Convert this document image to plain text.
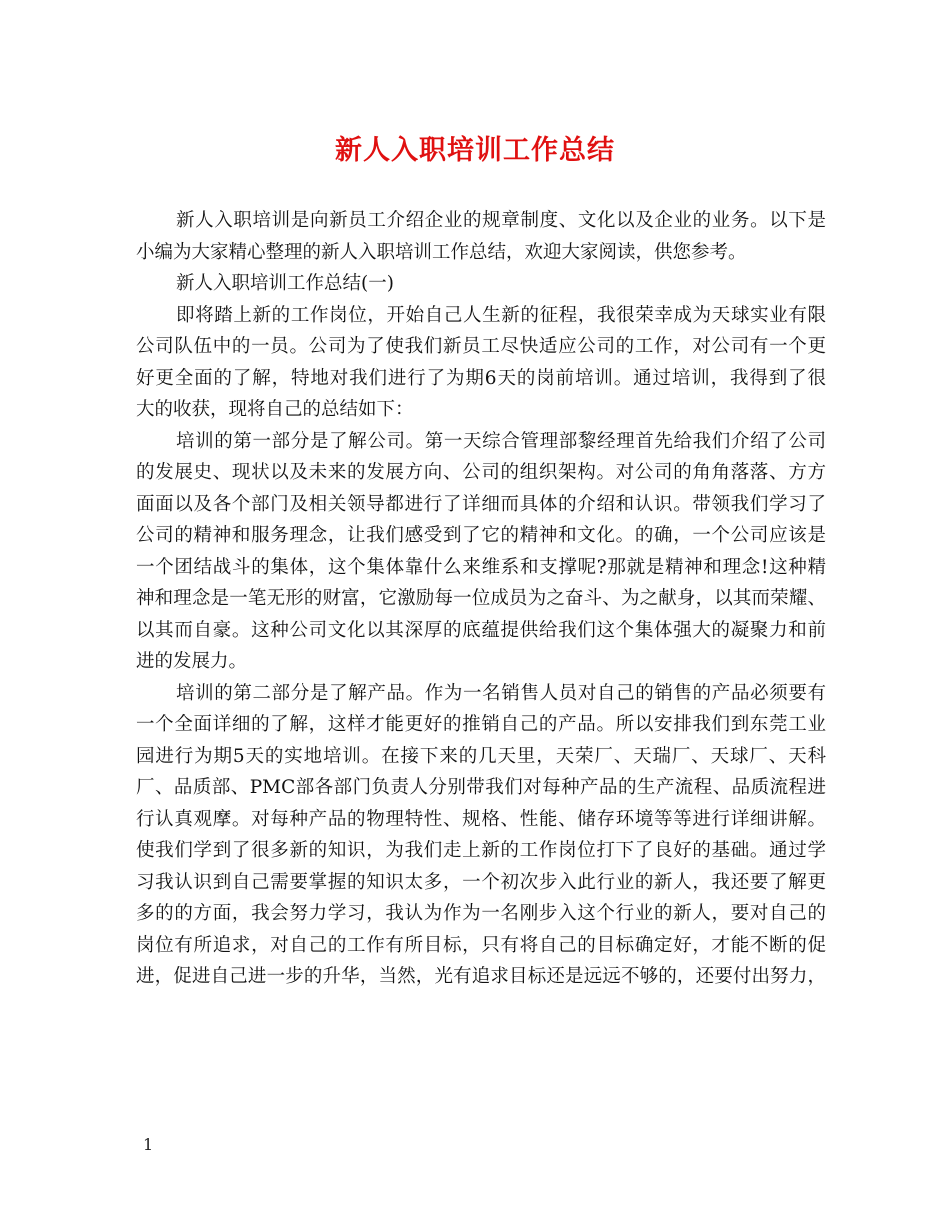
新人入职培训工作总结
新人入职培训是向新员工介绍企业的规章制度、文化以及企业的业务。以下是
小编为大家精心整理的新人入职培训工作总结，欢迎大家阅读，供您参考。
新人入职培训工作总结(一)
即将踏上新的工作岗位，开始自己人生新的征程，我很荣幸成为天球实业有限
公司队伍中的一员。公司为了使我们新员工尽快适应公司的工作，对公司有一个更
好更全面的了解，特地对我们进行了为期6天的岗前培训。通过培训，我得到了很
大的收获，现将自己的总结如下：
培训的第一部分是了解公司。第一天综合管理部黎经理首先给我们介绍了公司
的发展史、现状以及未来的发展方向、公司的组织架构。对公司的角角落落、方方
面面以及各个部门及相关领导都进行了详细而具体的介绍和认识。带领我们学习了
公司的精神和服务理念，让我们感受到了它的精神和文化。的确，一个公司应该是
一个团结战斗的集体，这个集体靠什么来维系和支撑呢?那就是精神和理念!这种精
神和理念是一笔无形的财富，它激励每一位成员为之奋斗、为之献身，以其而荣耀、
以其而自豪。这种公司文化以其深厚的底蕴提供给我们这个集体强大的凝聚力和前
进的发展力。
培训的第二部分是了解产品。作为一名销售人员对自己的销售的产品必须要有
一个全面详细的了解，这样才能更好的推销自己的产品。所以安排我们到东莞工业
园进行为期5天的实地培训。在接下来的几天里，天荣厂、天瑞厂、天球厂、天科
厂、品质部、PMC部各部门负责人分别带我们对每种产品的生产流程、品质流程进
行认真观摩。对每种产品的物理特性、规格、性能、储存环境等等进行详细讲解。
使我们学到了很多新的知识，为我们走上新的工作岗位打下了良好的基础。通过学
习我认识到自己需要掌握的知识太多，一个初次步入此行业的新人，我还要了解更
多的的方面，我会努力学习，我认为作为一名刚步入这个行业的新人，要对自己的
岗位有所追求，对自己的工作有所目标，只有将自己的目标确定好，才能不断的促
进，促进自己进一步的升华，当然，光有追求目标还是远远不够的，还要付出努力，
1
